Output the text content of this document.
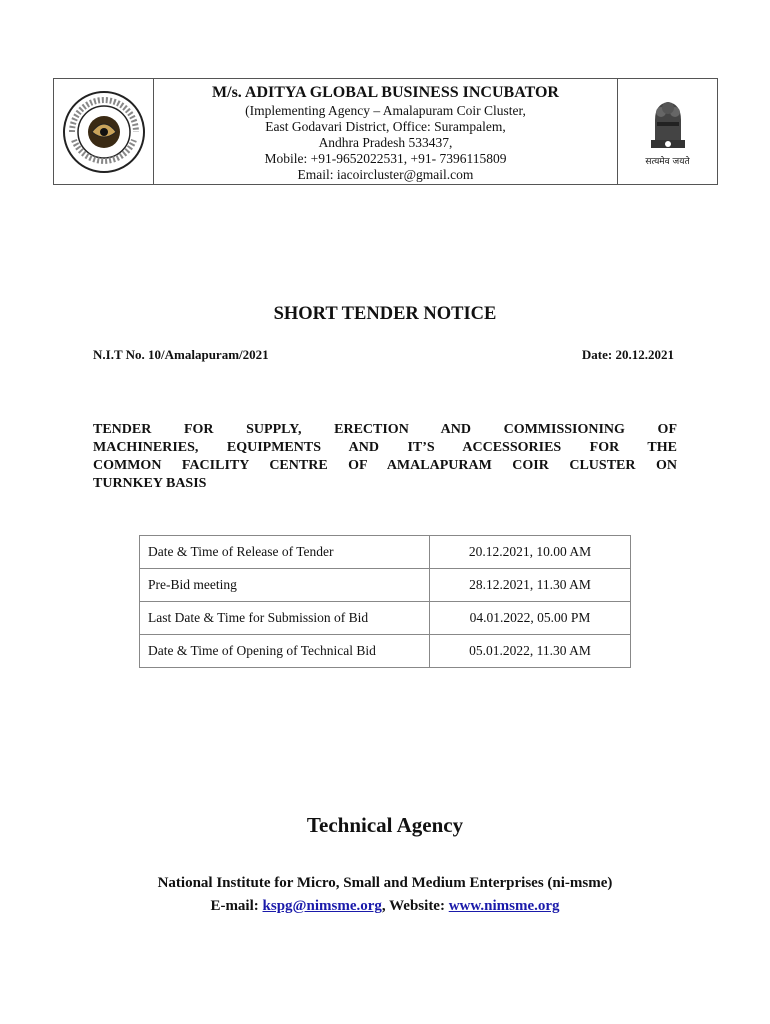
M/s. ADITYA GLOBAL BUSINESS INCUBATOR
(Implementing Agency – Amalapuram Coir Cluster,
East Godavari District, Office: Surampalem,
Andhra Pradesh 533437,
Mobile: +91-9652022531, +91- 7396115809
Email: iacoircluster@gmail.com
सत्यमेव जयते
SHORT TENDER NOTICE
N.I.T No. 10/Amalapuram/2021	Date: 20.12.2021
TENDER FOR SUPPLY, ERECTION AND COMMISSIONING OF
MACHINERIES, EQUIPMENTS AND IT’S ACCESSORIES FOR THE
COMMON FACILITY CENTRE OF AMALAPURAM COIR CLUSTER ON
TURNKEY BASIS
Date & Time of Release of Tender	20.12.2021, 10.00 AM
Pre-Bid meeting	28.12.2021, 11.30 AM
Last Date & Time for Submission of Bid	04.01.2022, 05.00 PM
Date & Time of Opening of Technical Bid	05.01.2022, 11.30 AM
Technical Agency
National Institute for Micro, Small and Medium Enterprises (ni-msme)
E-mail: kspg@nimsme.org, Website: www.nimsme.org
